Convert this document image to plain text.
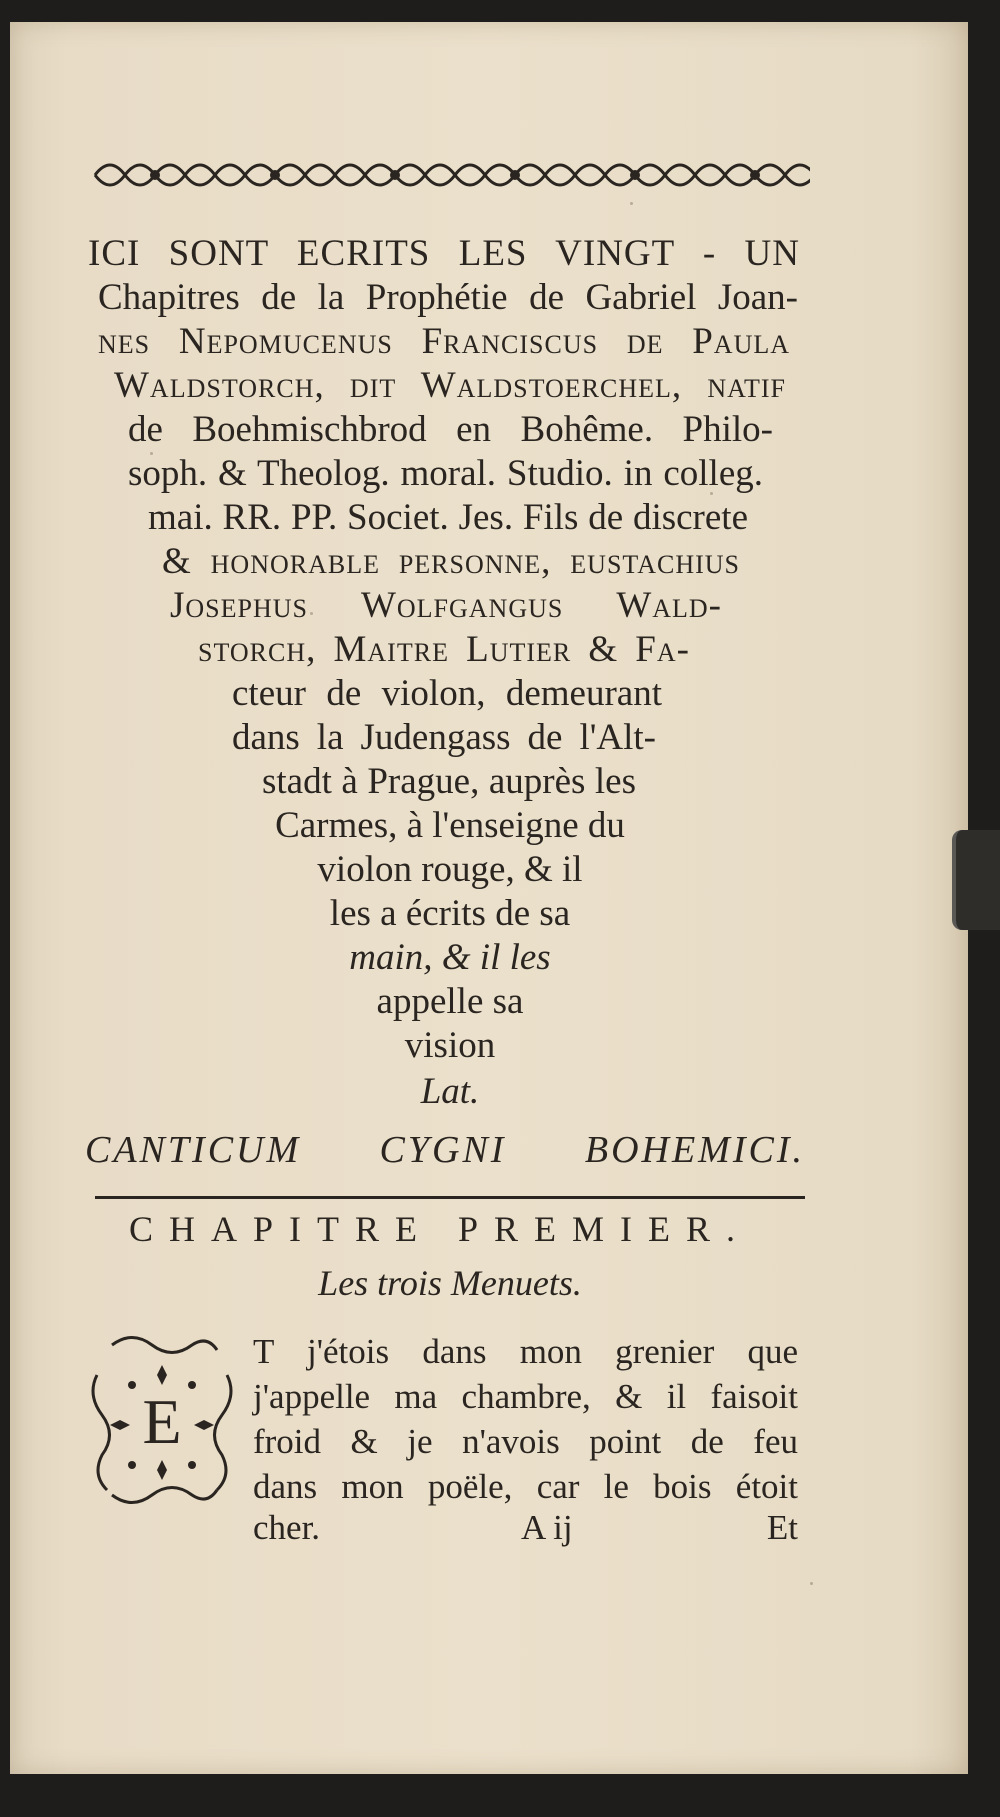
ICI SONT ECRITS LES VINGT - UN
Chapitres de la Prophétie de Gabriel Joan-
nes Nepomucenus Franciscus de Paula
Waldstorch, dit Waldstoerchel, natif
de Boehmischbrod en Bohême. Philo-
soph. & Theolog. moral. Studio. in colleg.
mai. RR. PP. Societ. Jes. Fils de discrete
& honorable personne, eustachius
Josephus Wolfgangus Wald-
storch, Maitre Lutier & Fa-
cteur de violon, demeurant
dans la Judengass de l'Alt-
stadt à Prague, auprès les
Carmes, à l'enseigne du
violon rouge, & il
les a écrits de sa
main, & il les
appelle sa
vision
Lat.
CANTICUM CYGNI BOHEMICI.
CHAPITRE PREMIER.
Les trois Menuets.
E
T j'étois dans mon grenier que
j'appelle ma chambre, & il faisoit
froid & je n'avois point de feu
dans mon poële, car le bois étoit
cher.	A ij	Et
